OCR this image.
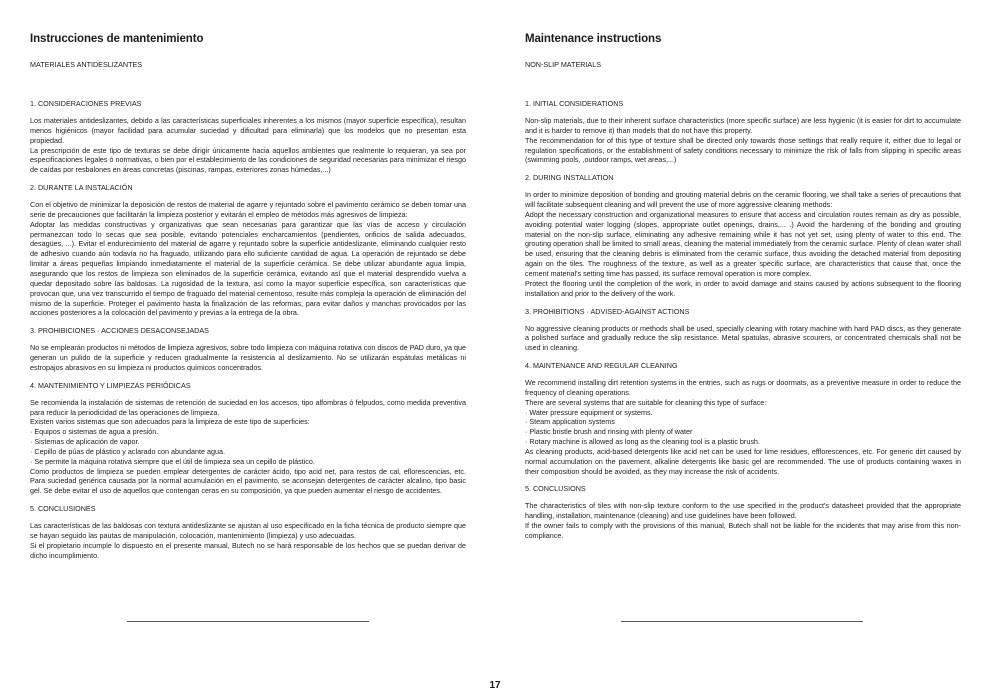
Instrucciones de mantenimiento

MATERIALES ANTIDESLIZANTES

1. CONSIDERACIONES PREVIAS

Los materiales antideslizantes, debido a las características superficiales inherentes a los mismos (mayor superficie específica), resultan menos higiénicos (mayor facilidad para acumular suciedad y dificultad para eliminarla) que los modelos que no presentan esta propiedad.
La prescripción de este tipo de texturas se debe dirigir únicamente hacia aquellos ambientes que realmente lo requieran, ya sea por especificaciones legales ó normativas, o bien por el establecimiento de las condiciones de seguridad necesarias para minimizar el riesgo de caídas por resbalones en áreas concretas (piscinas, rampas, exteriores zonas húmedas,...)

2. DURANTE LA INSTALACIÓN

Con el objetivo de minimizar la deposición de restos de material de agarre y rejuntado sobre el pavimento cerámico se deben tomar una serie de precauciones que facilitarán la limpieza posterior y evitarán el empleo de métodos más agresivos de limpieza:
Adoptar las medidas constructivas y organizativas que sean necesarias para garantizar que las vías de acceso y circulación permanezcan todo lo secas que sea posible, evitando potenciales encharcamientos (pendientes, orificios de salida adecuados, desagües, ...). Evitar el endurecimiento del material de agarre y rejuntado sobre la superficie antideslizante, eliminando cualquier resto de adhesivo cuando aún todavía no ha fraguado, utilizando para ello suficiente cantidad de agua. La operación de rejuntado se debe limitar a áreas pequeñas limpiando inmediatamente el material de la superficie cerámica. Se debe utilizar abundante agua limpia, asegurando que los restos de limpieza son eliminados de la superficie cerámica, evitando así que el material desprendido vuelva a quedar depositado sobre las baldosas. La rugosidad de la textura, así como la mayor superficie específica, son características que provocan que, una vez transcurrido el tiempo de fraguado del material cementoso, resulte más compleja la operación de eliminación del mismo de la superficie. Proteger el pavimento hasta la finalización de las reformas, para evitar daños y manchas provocados por las acciones posteriores a la colocación del pavimento y previas a la entrega de la obra.

3. PROHIBICIONES · ACCIONES DESACONSEJADAS

No se emplearán productos ni métodos de limpieza agresivos, sobre todo limpieza con máquina rotativa con discos de PAD duro, ya que generan un pulido de la superficie y reducen gradualmente la resistencia al deslizamiento. No se utilizarán espátulas metálicas ni estropajos abrasivos en su limpieza ni productos químicos concentrados.

4. MANTENIMIENTO Y LIMPIEZAS PERIÓDICAS

Se recomienda la instalación de sistemas de retención de suciedad en los accesos, tipo alfombras ó felpudos, como medida preventiva para reducir la periodicidad de las operaciones de limpieza.
Existen varios sistemas que son adecuados para la limpieza de este tipo de superficies:
· Equipos o sistemas de agua a presión.
· Sistemas de aplicación de vapor.
· Cepillo de púas de plástico y aclarado con abundante agua.
· Se permite la máquina rotativa siempre que el útil de limpieza sea un cepillo de plástico.
Como productos de limpieza se pueden emplear detergentes de carácter ácido, tipo acid net, para restos de cal, eflorescencias, etc. Para suciedad genérica causada por la normal acumulación en el pavimento, se aconsejan detergentes de carácter alcalino, tipo basic gel. Se debe evitar el uso de aquellos que contengan ceras en su composición, ya que pueden aumentar el riesgo de accidentes.

5. CONCLUSIONES

Las características de las baldosas con textura antideslizante se ajustan al uso especificado en la ficha técnica de producto siempre que se hayan seguido las pautas de manipulación, colocación, mantenimiento (limpieza) y uso adecuadas.
Si el propietario incumple lo dispuesto en el presente manual, Butech no se hará responsable de los hechos que se puedan derivar de dicho incumplimiento.
Maintenance instructions

NON-SLIP MATERIALS

1. INITIAL CONSIDERATIONS

Non-slip materials, due to their inherent surface characteristics (more specific surface) are less hygienic (it is easier for dirt to accumulate and it is harder to remove it) than models that do not have this property.
The recommendation for of this type of texture shall be directed only towards those settings that really require it, either due to legal or regulation specifications, or the establishment of safety conditions necessary to minimize the risk of falls from slipping in specific areas (swimming pools, ,outdoor ramps, wet areas,...)

2. DURING INSTALLATION

In order to minimize deposition of bonding and grouting material debris on the ceramic flooring, we shall take a series of precautions that will facilitate subsequent cleaning and will prevent the use of more aggressive cleaning methods:
Adopt the necessary construction and organizational measures to ensure that access and circulation routes remain as dry as possible, avoiding potential water logging (slopes, appropriate outlet openings, drains,... .) Avoid the hardening of the bonding and grouting material on the non-slip surface, eliminating any adhesive remaining while it has not yet set, using plenty of water to this end. The grouting operation shall be limited to small areas, cleaning the material immediately from the ceramic surface. Plenty of clean water shall be used, ensuring that the cleaning debris is eliminated from the ceramic surface, thus avoiding the detached material from depositing again on the tiles. The roughness of the texture, as well as a greater specific surface, are characteristics that cause that, once the cement material's setting time has passed, its surface removal operation is more complex.
Protect the flooring until the completion of the work, in order to avoid damage and stains caused by actions subsequent to the flooring installation and prior to the delivery of the work.

3. PROHIBITIONS · ADVISED-AGAINST ACTIONS

No aggressive cleaning products or methods shall be used, specially cleaning with rotary machine with hard PAD discs, as they generate a polished surface and gradually reduce the slip resistance. Metal spatulas, abrasive scourers, or concentrated chemicals shall not be used in cleaning.

4. MAINTENANCE AND REGULAR CLEANING

We recommend installing dirt retention systems in the entries, such as rugs or doormats, as a preventive measure in order to reduce the frequency of cleaning operations.
There are several systems that are suitable for cleaning this type of surface:
· Water pressure equipment or systems.
· Steam application systems
· Plastic bristle brush and rinsing with plenty of water
· Rotary machine is allowed as long as the cleaning tool is a plastic brush.
As cleaning products, acid-based detergents like acid net can be used for lime residues, efflorescences, etc. For generic dirt caused by normal accumulation on the pavement, alkaline detergents like basic gel are recommended. The use of products containing waxes in their composition should be avoided, as they may increase the risk of accidents.

5. CONCLUSIONS

The characteristics of tiles with non-slip texture conform to the use specified in the product's datasheet provided that the appropriate handling, installation, maintenance (cleaning) and use guidelines have been followed.
If the owner fails to comply with the provisions of this manual, Butech shall not be liable for the incidents that may arise from this non-compliance.
17
